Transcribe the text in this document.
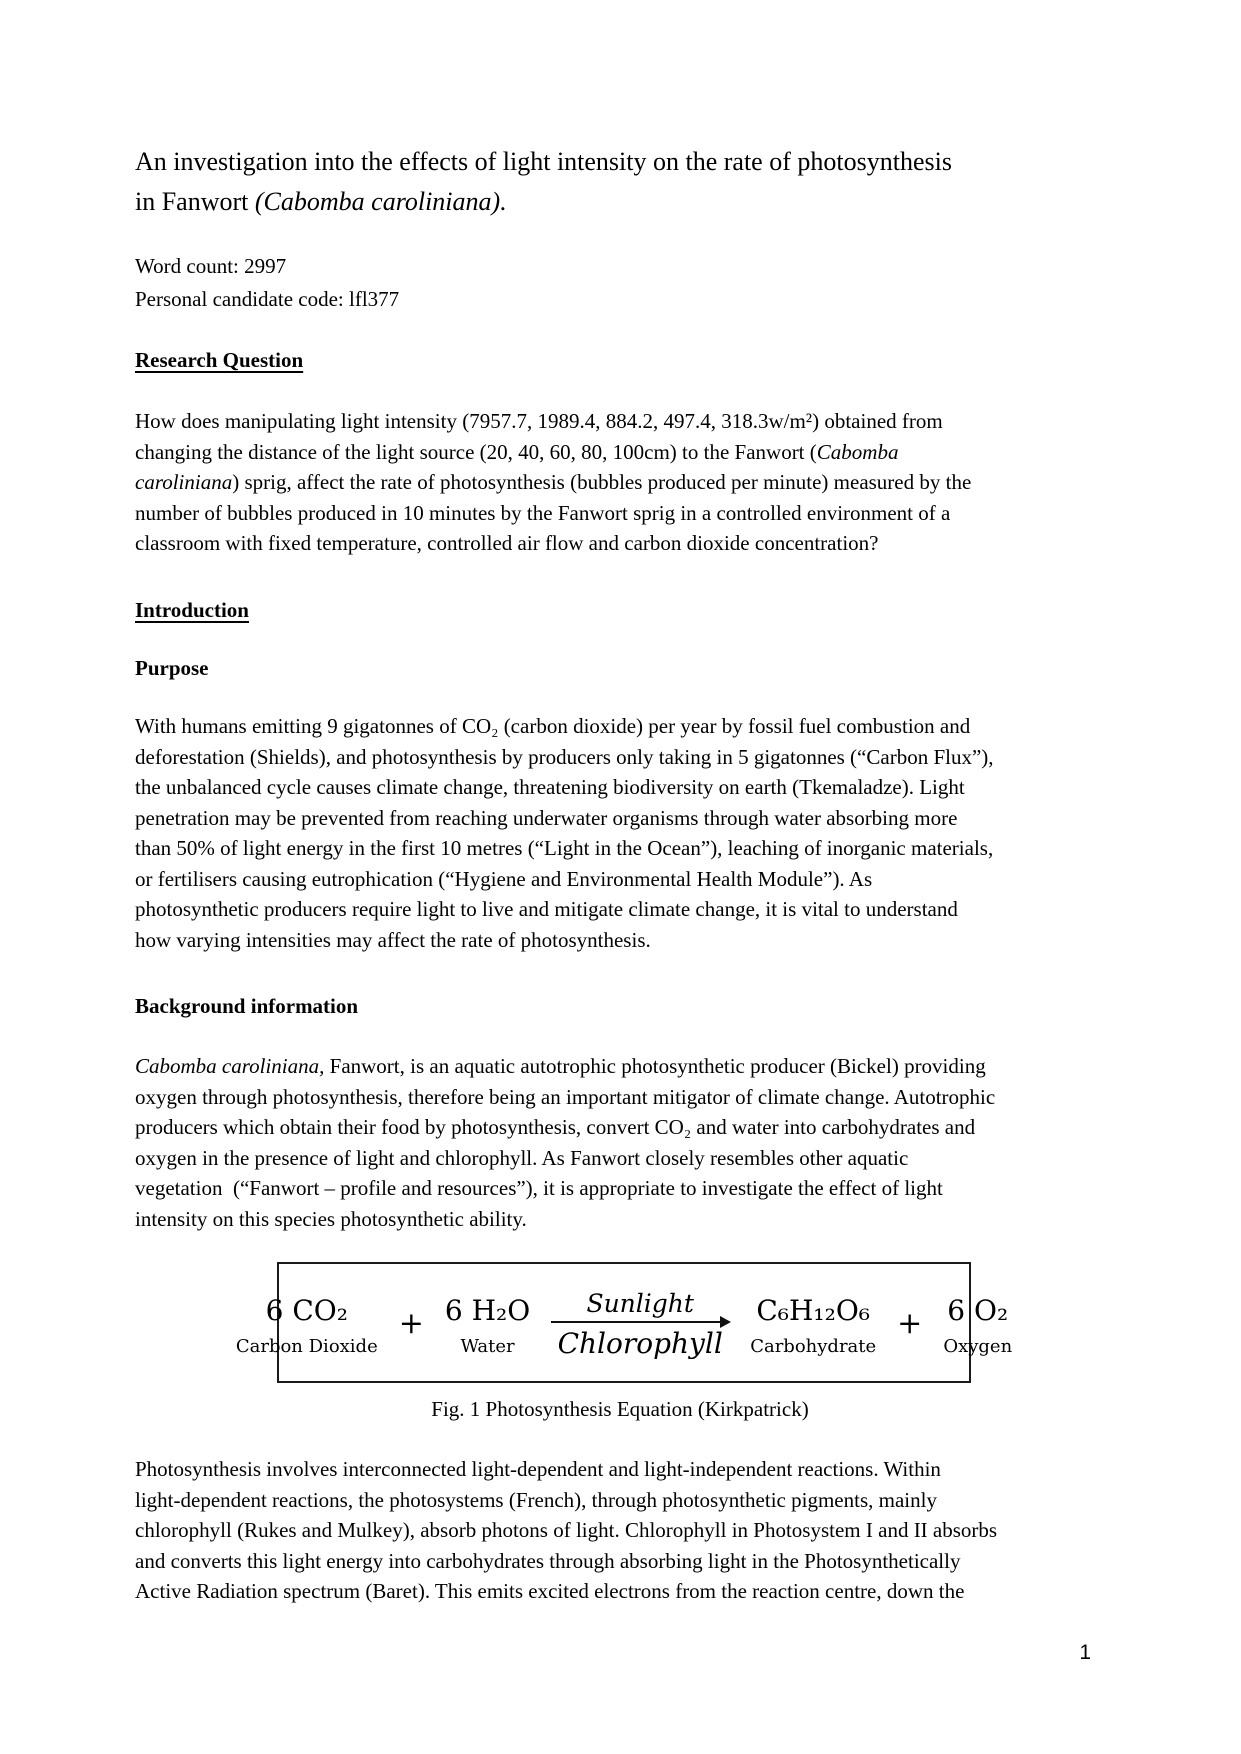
An investigation into the effects of light intensity on the rate of photosynthesis
in Fanwort (Cabomba caroliniana).
Word count: 2997
Personal candidate code: lfl377
Research Question
How does manipulating light intensity (7957.7, 1989.4, 884.2, 497.4, 318.3w/m²) obtained from
changing the distance of the light source (20, 40, 60, 80, 100cm) to the Fanwort (Cabomba
caroliniana) sprig, affect the rate of photosynthesis (bubbles produced per minute) measured by the
number of bubbles produced in 10 minutes by the Fanwort sprig in a controlled environment of a
classroom with fixed temperature, controlled air flow and carbon dioxide concentration?
Introduction
Purpose
With humans emitting 9 gigatonnes of CO₂ (carbon dioxide) per year by fossil fuel combustion and
deforestation (Shields), and photosynthesis by producers only taking in 5 gigatonnes (“Carbon Flux”),
the unbalanced cycle causes climate change, threatening biodiversity on earth (Tkemaladze). Light
penetration may be prevented from reaching underwater organisms through water absorbing more
than 50% of light energy in the first 10 metres (“Light in the Ocean”), leaching of inorganic materials,
or fertilisers causing eutrophication (“Hygiene and Environmental Health Module”). As
photosynthetic producers require light to live and mitigate climate change, it is vital to understand
how varying intensities may affect the rate of photosynthesis.
Background information
Cabomba caroliniana, Fanwort, is an aquatic autotrophic photosynthetic producer (Bickel) providing
oxygen through photosynthesis, therefore being an important mitigator of climate change. Autotrophic
producers which obtain their food by photosynthesis, convert CO₂ and water into carbohydrates and
oxygen in the presence of light and chlorophyll. As Fanwort closely resembles other aquatic
vegetation  (“Fanwort – profile and resources”), it is appropriate to investigate the effect of light
intensity on this species photosynthetic ability.
6 CO₂
Carbon Dioxide
+ 6 H₂O
Water
Sunlight
Chlorophyll
C₆H₁₂O₆
Carbohydrate
+ 6 O₂
Oxygen
Fig. 1 Photosynthesis Equation (Kirkpatrick)
Photosynthesis involves interconnected light-dependent and light-independent reactions. Within
light-dependent reactions, the photosystems (French), through photosynthetic pigments, mainly
chlorophyll (Rukes and Mulkey), absorb photons of light. Chlorophyll in Photosystem I and II absorbs
and converts this light energy into carbohydrates through absorbing light in the Photosynthetically
Active Radiation spectrum (Baret). This emits excited electrons from the reaction centre, down the
1
